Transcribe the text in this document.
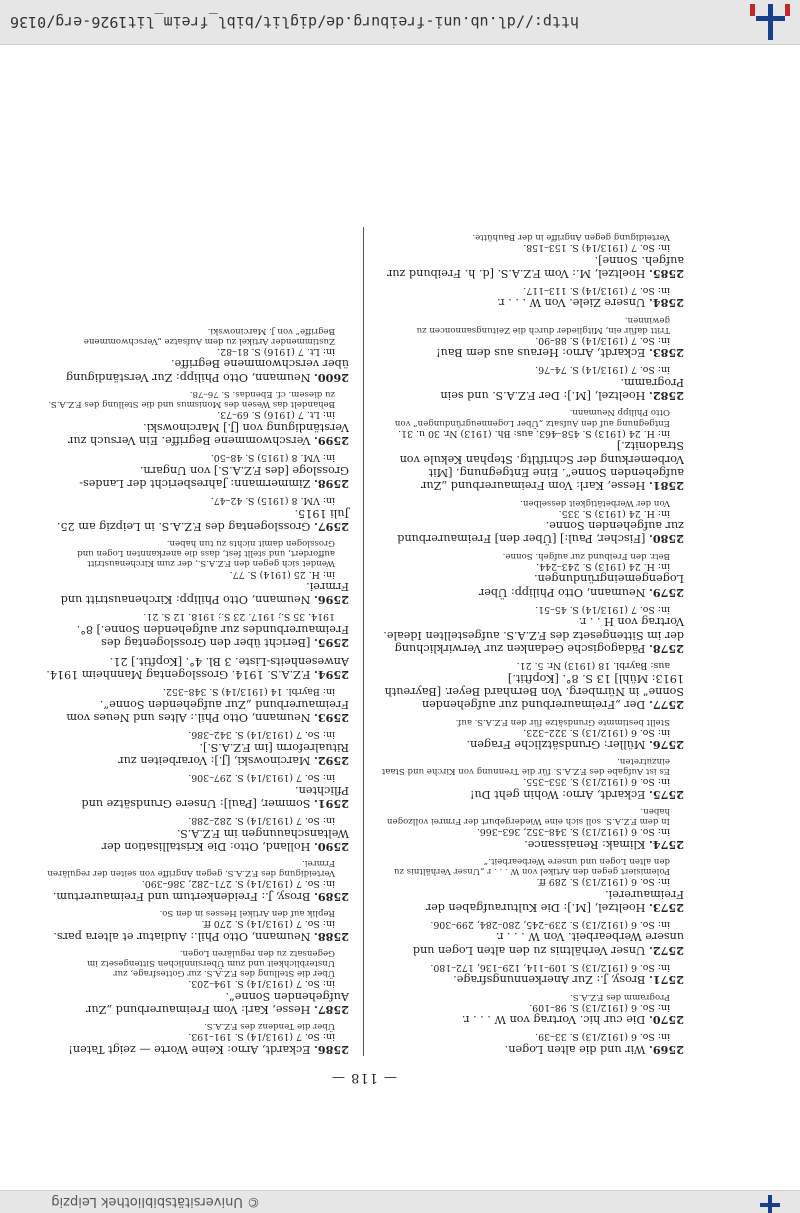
http://dl.ub.uni-freiburg.de/diglit/bibl_freim_lit1926-erg/0136
— 118 —
2569. Wir und die alten Logen.
in: So. 6 (1912/13) S. 33–39.
2570. Die cur hic. Vortrag von W . . . r.
in: So. 6 (1912/13) S. 98–109.
Programm des F.Z.A.S.
2571. Brosy, J.: Zur Anerkennungsfrage.
in: So. 6 (1912/13) S. 109–114, 129–136, 172–180.
2572. Unser Verhältnis zu den alten Logen und unsere Werbearbeit. Von W . . . r.
in: So. 6 (1912/13) S. 239–245, 280–284, 299–306.
2573. Hoeltzel, [M.]: Die Kulturaufgaben der Freimaurerei.
in: So. 6 (1912/13) S. 289 ff.
Polemisiert gegen den Artikel von W . . . r „Unser Verhältnis zu den alten Logen und unsere Werbearbeit.“
2574. Klimak: Renaissance.
in: So. 6 (1912/13) S. 348–352, 363–366.
In dem F.Z.A.S. soll sich eine Wiedergeburt der Frmrei vollzogen haben.
2575. Eckardt, Arno: Wohin geht Du!
in: So. 6 (1912/13) S. 353–355.
Es ist Aufgabe des F.Z.A.S. für die Trennung von Kirche und Staat einzutreten.
2576. Müller: Grundsätzliche Fragen.
in: So. 6 (1912/13) S. 322–323.
Stellt bestimmte Grundsätze für den F.Z.A.S. auf.
2577. Der „Freimaurerbund zur aufgehenden Sonne“ in Nürnberg. Von Bernhard Beyer. [Bayreuth 1913: Mühl] 13 S. 8°. [Kopftit.]
aus: Bayrbl. 18 (1913) Nr. 5. 21.
2578. Pädagogische Gedanken zur Verwirklichung der im Sittengesetz des F.Z.A.S. aufgestellten Ideale. Vortrag von H . . r.
in: So. 7 (1913/14) S. 45–51.
2579. Neumann, Otto Philipp: Über Logengemeingründungen.
in: H. 24 (1913) S. 243–244.
Betr. den Freibund zur aufgeh. Sonne.
2580. [Fischer, Paul:] [Über den] Freimaurerbund zur aufgehenden Sonne.
in: H. 24 (1913) S. 335.
Von der Werbetätigkeit desselben.
2581. Hesse, Karl: Vom Freimaurerbund „Zur aufgehenden Sonne“. Eine Entgegnung. [Mit Vorbemerkung der Schriftltg. Stephan Kekule von Stradonitz.]
in: H. 24 (1913) S. 458–463. aus: Bh. (1913) Nr. 30 u. 31.
Entgegnung auf den Aufsatz „Über Logenneugründungen“ von Otto Philipp Neumann.
2582. Hoeltzel, [M.]: Der F.Z.A.S. und sein Programm.
in: So. 7 (1913/14) S. 74–76.
2583. Eckardt, Arno: Heraus aus dem Bau!
in: So. 7 (1913/14) S. 88–90.
Tritt dafür ein, Mitglieder durch die Zeitungsannoncen zu gewinnen.
2584. Unsere Ziele. Von W . . . r.
in: So. 7 (1913/14) S. 113–117.
2585. Hoeltzel, M.: Vom F.Z.A.S. [d. h. Freibund zur aufgeh. Sonne].
in: So. 7 (1913/14) S. 153–158.
Verteidigung gegen Angriffe in der Bauhütte.
2586. Eckardt, Arno: Keine Worte — zeigt Taten!
in: So. 7 (1913/14) S. 191–193.
Über die Tendenz des F.Z.A.S.
2587. Hesse, Karl: Vom Freimaurerbund „Zur Aufgehenden Sonne“.
in: So. 7 (1913/14) S. 194–203.
Über die Stellung des F.Z.A.S. zur Gottesfrage, zur Unsterblichkeit und zum Übersinnlichen Sittengesetz im Gegensatz zu den regulären Logen.
2588. Neumann, Otto Phil.: Audiatur et altera pars.
in: So. 7 (1913/14) S. 270 ff.
Replik auf den Artikel Hesses in den So.
2589. Brosy, J.: Freidenkertum und Freimaurertum.
in: So. 7 (1913/14) S. 271–282, 386–390.
Verteidigung des F.Z.A.S. gegen Angriffe von seiten der regulären Frmrei.
2590. Holland, Otto: Die Kristallisation der Weltanschauungen im F.Z.A.S.
in: So. 7 (1913/14) S. 282–288.
2591. Sommer, [Paul]: Unsere Grundsätze und Pflichten.
in: So. 7 (1913/14) S. 297–306.
2592. Marcinowski, [J.]: Vorarbeiten zur Ritualreform [im F.Z.A.S.].
in: So. 7 (1913/14) S. 342–386.
2593. Neumann, Otto Phil.: Altes und Neues vom Freimaurerbund „Zur aufgehenden Sonne“.
in: Bayrbl. 14 (1913/14) S. 348–352.
2594. F.Z.A.S. 1914. Grosslogentag Mannheim 1914. Anwesenheits-Liste. 3 Bl. 4°. [Kopftit.] 21.
2595. [Bericht über den Grosslogentag des Freimaurerbundes zur aufgehenden Sonne.] 8°.
1914. 35 S.; 1917. 23 S.; 1918. 12 S. 21.
2596. Neumann, Otto Philipp: Kirchenaustritt und Frmrei.
in: H. 25 (1914) S. 77.
Wendet sich gegen den F.Z.A.S., der zum Kirchenaustritt auffordert, und stellt fest, dass die anerkannten Logen und Grosslogen damit nichts zu tun haben.
2597. Grosslogentag des F.Z.A.S. in Leipzig am 25. Juli 1915.
in: VM. 8 (1915) S. 42–47.
2598. Zimmermann: Jahresbericht der Landes-Grosslogе [des F.Z.A.S.] von Ungarn.
in: VM. 8 (1915) S. 48–50.
2599. Verschwommene Begriffe. Ein Versuch zur Verständigung von [J.] Marcinowski.
in: Lt. 7 (1916) S. 69–73.
Behandelt das Wesen des Monismus und die Stellung des F.Z.A.S. zu diesem. cf. Ebendas. S. 76–78.
2600. Neumann, Otto Philipp: Zur Verständigung über verschwommene Begriffe.
in: Lt. 7 (1916) S. 81–82.
Zustimmender Artikel zu dem Aufsatze „Verschwommene Begriffe“ von J. Marcinowski.
© Universitätsbibliothek Leipzig
